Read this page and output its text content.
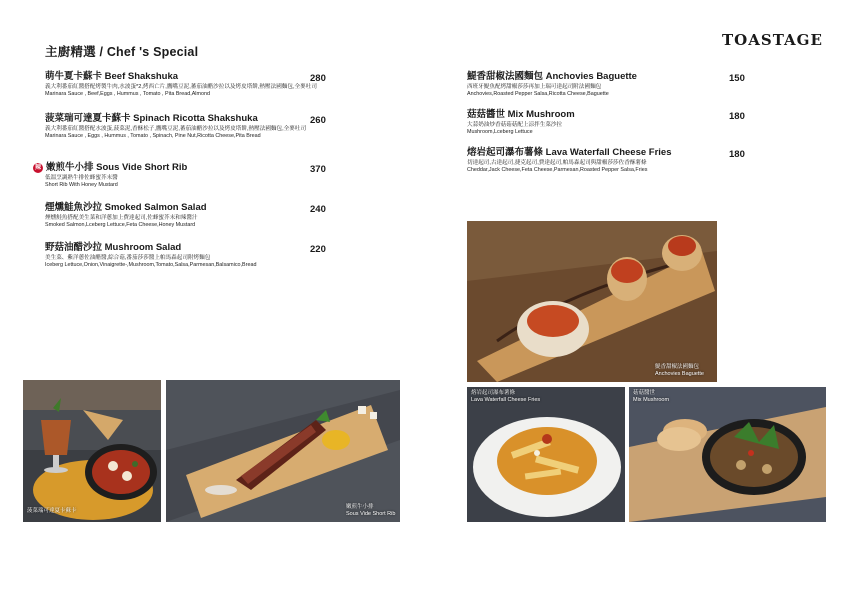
主廚精選 / Chef 's Special
TOASTAGE
萌牛夏卡蘇卡 Beef Shakshuka
義大利番茄紅醬搭配烤製牛肉,水波蛋*2,烤西亡片,鷹嘴豆泥,蕃茄油醋沙拉以及烤皮塔餅,熱壓法國麵包,全麥吐司
Marinara Sauce , Beef,Eggs , Hummus , Tomato , Pita Bread,Almond
280
菠菜瑞可達夏卡蘇卡 Spinach Ricotta Shakshuka
義大利番茄紅醬搭配水波蛋,菠菜泥,香酥松子,鷹嘴豆泥,蕃茄油醋沙拉以及烤皮塔餅,熱壓法國麵包,全麥吐司
Marinara Sauce , Eggs , Hummus , Tomato , Spinach, Pine Nut,Ricotta Cheese,Pita Bread
260
辣 嫩煎牛小排 Sous Vide Short Rib
低溫烹調熟牛排佐蜂蜜芥末醬
Short Rib With Honey Mustard
370
煙燻鮭魚沙拉 Smoked Salmon Salad
煙燻鮭魚搭配美生菜和洋蔥加上費達起司,佐蜂蜜芥末和辣醬汁
Smoked Salmon,Lceberg Lettuce,Feta Cheese,Honey Mustard
240
野菇油醋沙拉 Mushroom Salad
美生菜、紫洋蔥佐油醋醬,綜合菇,番茄莎莎醬上帕馬森起司附烤麵包
Iceberg Lettuce,Onion,Vinaigrette-,Mushroom,Tomato,Salsa,Parmesan,Balsamico,Bread
220
鯷香甜椒法國麵包 Anchovies Baguette
西班牙鯷魚配烤甜椒莎莎再加上瑞可達起司附法國麵包
Anchovies,Roasted Pepper Salsa,Ricotta Cheese,Baguette
150
菇菇醬世 Mix Mushroom
大蒜奶油炒香菇菇菇配上涼拌生菜沙拉
Mushroom,Lceberg Lettuce
180
熔岩起司瀑布薯條 Lava Waterfall Cheese Fries
切達起司,古達起司,捷克起司,費達起司,帕馬森起司與甜椒莎莎佐香酥薯條
Cheddar,Jack Cheese,Feta Cheese,Parmesan,Roasted Pepper Salsa,Fries
180
菠菜瑞可達夏卡蘇卡
嫩煎牛小排
Sous Vide Short Rib
鯷香甜椒法國麵包
Anchovies Baguette
熔岩起司瀑布薯條
Lava Waterfall Cheese Fries
菇菇醬世
Mix Mushroom
